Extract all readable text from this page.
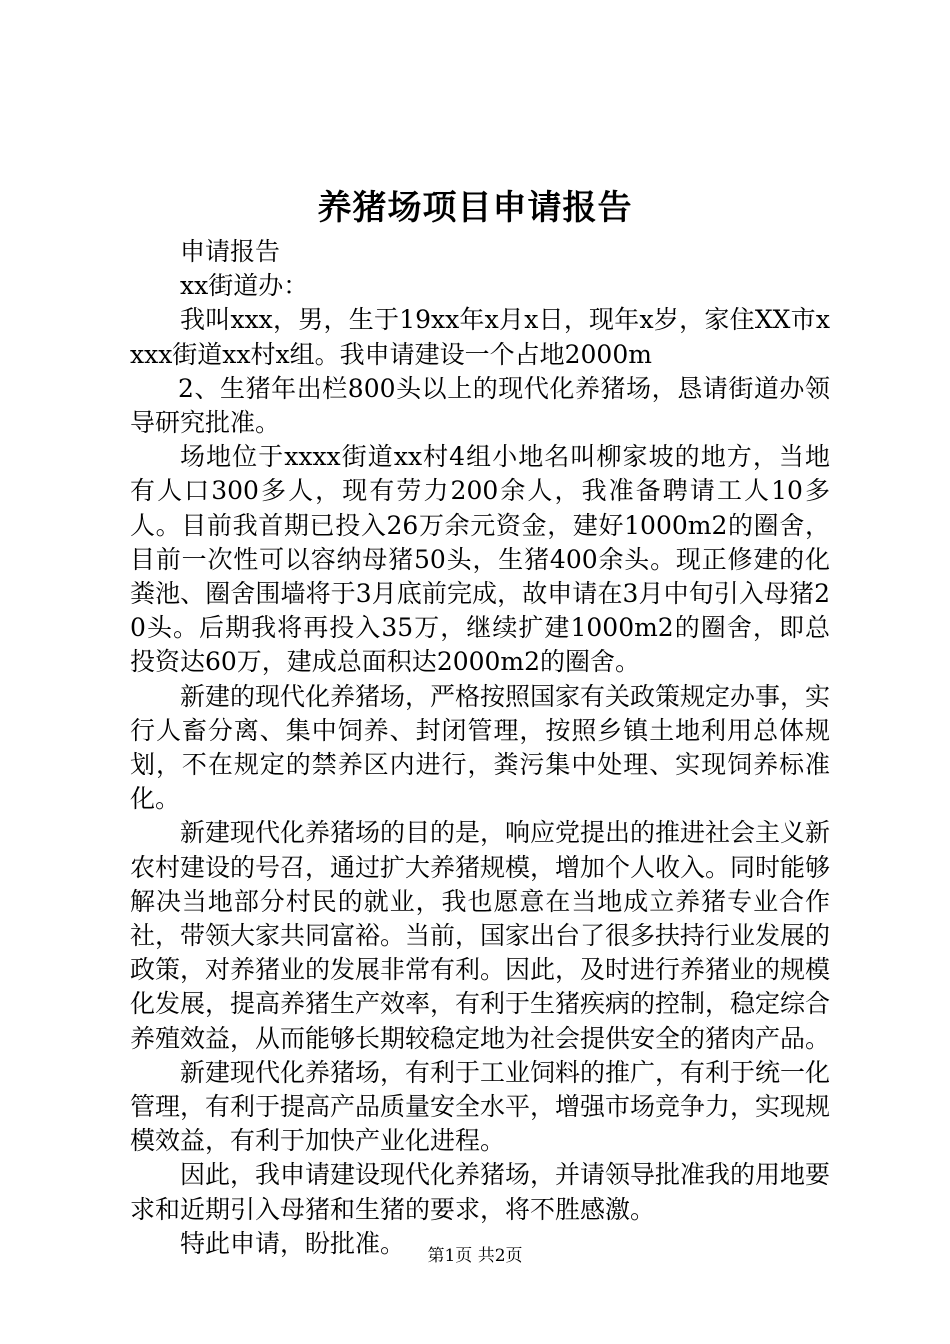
养猪场项目申请报告

申请报告

xx街道办：

我叫xxx，男，生于19xx年x月x日，现年x岁，家住XX市xxxx街道xx村x组。我申请建设一个占地2000m

2、生猪年出栏800头以上的现代化养猪场，恳请街道办领导研究批准。

场地位于xxxx街道xx村4组小地名叫柳家坡的地方，当地有人口300多人，现有劳力200余人，我准备聘请工人10多人。目前我首期已投入26万余元资金，建好1000m2的圈舍，目前一次性可以容纳母猪50头，生猪400余头。现正修建的化粪池、圈舍围墙将于3月底前完成，故申请在3月中旬引入母猪20头。后期我将再投入35万，继续扩建1000m2的圈舍，即总投资达60万，建成总面积达2000m2的圈舍。

新建的现代化养猪场，严格按照国家有关政策规定办事，实行人畜分离、集中饲养、封闭管理，按照乡镇土地利用总体规划，不在规定的禁养区内进行，粪污集中处理、实现饲养标准化。

新建现代化养猪场的目的是，响应党提出的推进社会主义新农村建设的号召，通过扩大养猪规模，增加个人收入。同时能够解决当地部分村民的就业，我也愿意在当地成立养猪专业合作社，带领大家共同富裕。当前，国家出台了很多扶持行业发展的政策，对养猪业的发展非常有利。因此，及时进行养猪业的规模化发展，提高养猪生产效率，有利于生猪疾病的控制，稳定综合养殖效益，从而能够长期较稳定地为社会提供安全的猪肉产品。

新建现代化养猪场，有利于工业饲料的推广，有利于统一化管理，有利于提高产品质量安全水平，增强市场竞争力，实现规模效益，有利于加快产业化进程。

因此，我申请建设现代化养猪场，并请领导批准我的用地要求和近期引入母猪和生猪的要求，将不胜感激。

特此申请，盼批准。	第1页 共2页
